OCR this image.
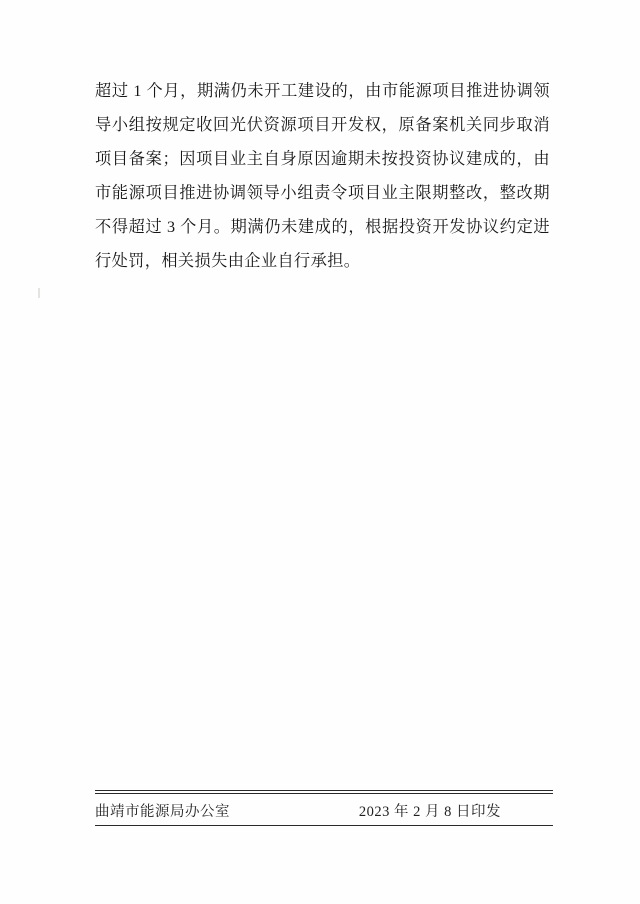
超过 1 个月，期满仍未开工建设的，由市能源项目推进协调领导小组按规定收回光伏资源项目开发权，原备案机关同步取消项目备案；因项目业主自身原因逾期未按投资协议建成的，由市能源项目推进协调领导小组责令项目业主限期整改，整改期不得超过 3 个月。期满仍未建成的，根据投资开发协议约定进行处罚，相关损失由企业自行承担。

曲靖市能源局办公室	2023 年 2 月 8 日印发
